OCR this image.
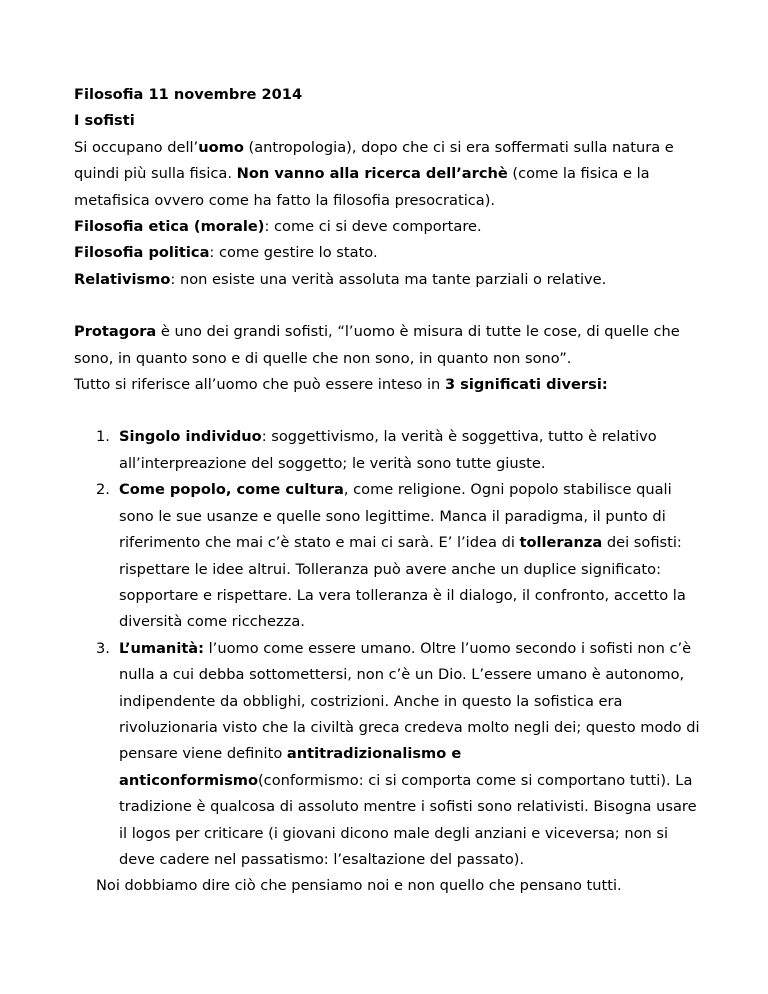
Filosofia 11 novembre 2014

I sofisti

Si occupano dell’uomo (antropologia), dopo che ci si era soffermati sulla natura e quindi più sulla fisica. Non vanno alla ricerca dell’archè (come la fisica e la metafisica ovvero come ha fatto la filosofia presocratica).

Filosofia etica (morale): come ci si deve comportare.

Filosofia politica: come gestire lo stato.

Relativismo: non esiste una verità assoluta ma tante parziali o relative.

Protagora è uno dei grandi sofisti, “l’uomo è misura di tutte le cose, di quelle che sono, in quanto sono e di quelle che non sono, in quanto non sono”.

Tutto si riferisce all’uomo che può essere inteso in 3 significati diversi:

1. Singolo individuo: soggettivismo, la verità è soggettiva, tutto è relativo all’interpreazione del soggetto; le verità sono tutte giuste.
2. Come popolo, come cultura, come religione. Ogni popolo stabilisce quali sono le sue usanze e quelle sono legittime. Manca il paradigma, il punto di riferimento che mai c’è stato e mai ci sarà. E’ l’idea di tolleranza dei sofisti: rispettare le idee altrui. Tolleranza può avere anche un duplice significato: sopportare e rispettare. La vera tolleranza è il dialogo, il confronto, accetto la diversità come ricchezza.
3. L’umanità: l’uomo come essere umano. Oltre l’uomo secondo i sofisti non c’è nulla a cui debba sottomettersi, non c’è un Dio. L’essere umano è autonomo, indipendente da obblighi, costrizioni. Anche in questo la sofistica era rivoluzionaria visto che la civiltà greca credeva molto negli dei; questo modo di pensare viene definito antitradizionalismo e anticonformismo(conformismo: ci si comporta come si comportano tutti). La tradizione è qualcosa di assoluto mentre i sofisti sono relativisti. Bisogna usare il logos per criticare (i giovani dicono male degli anziani e viceversa; non si deve cadere nel passatismo: l’esaltazione del passato).

Noi dobbiamo dire ciò che pensiamo noi e non quello che pensano tutti.
